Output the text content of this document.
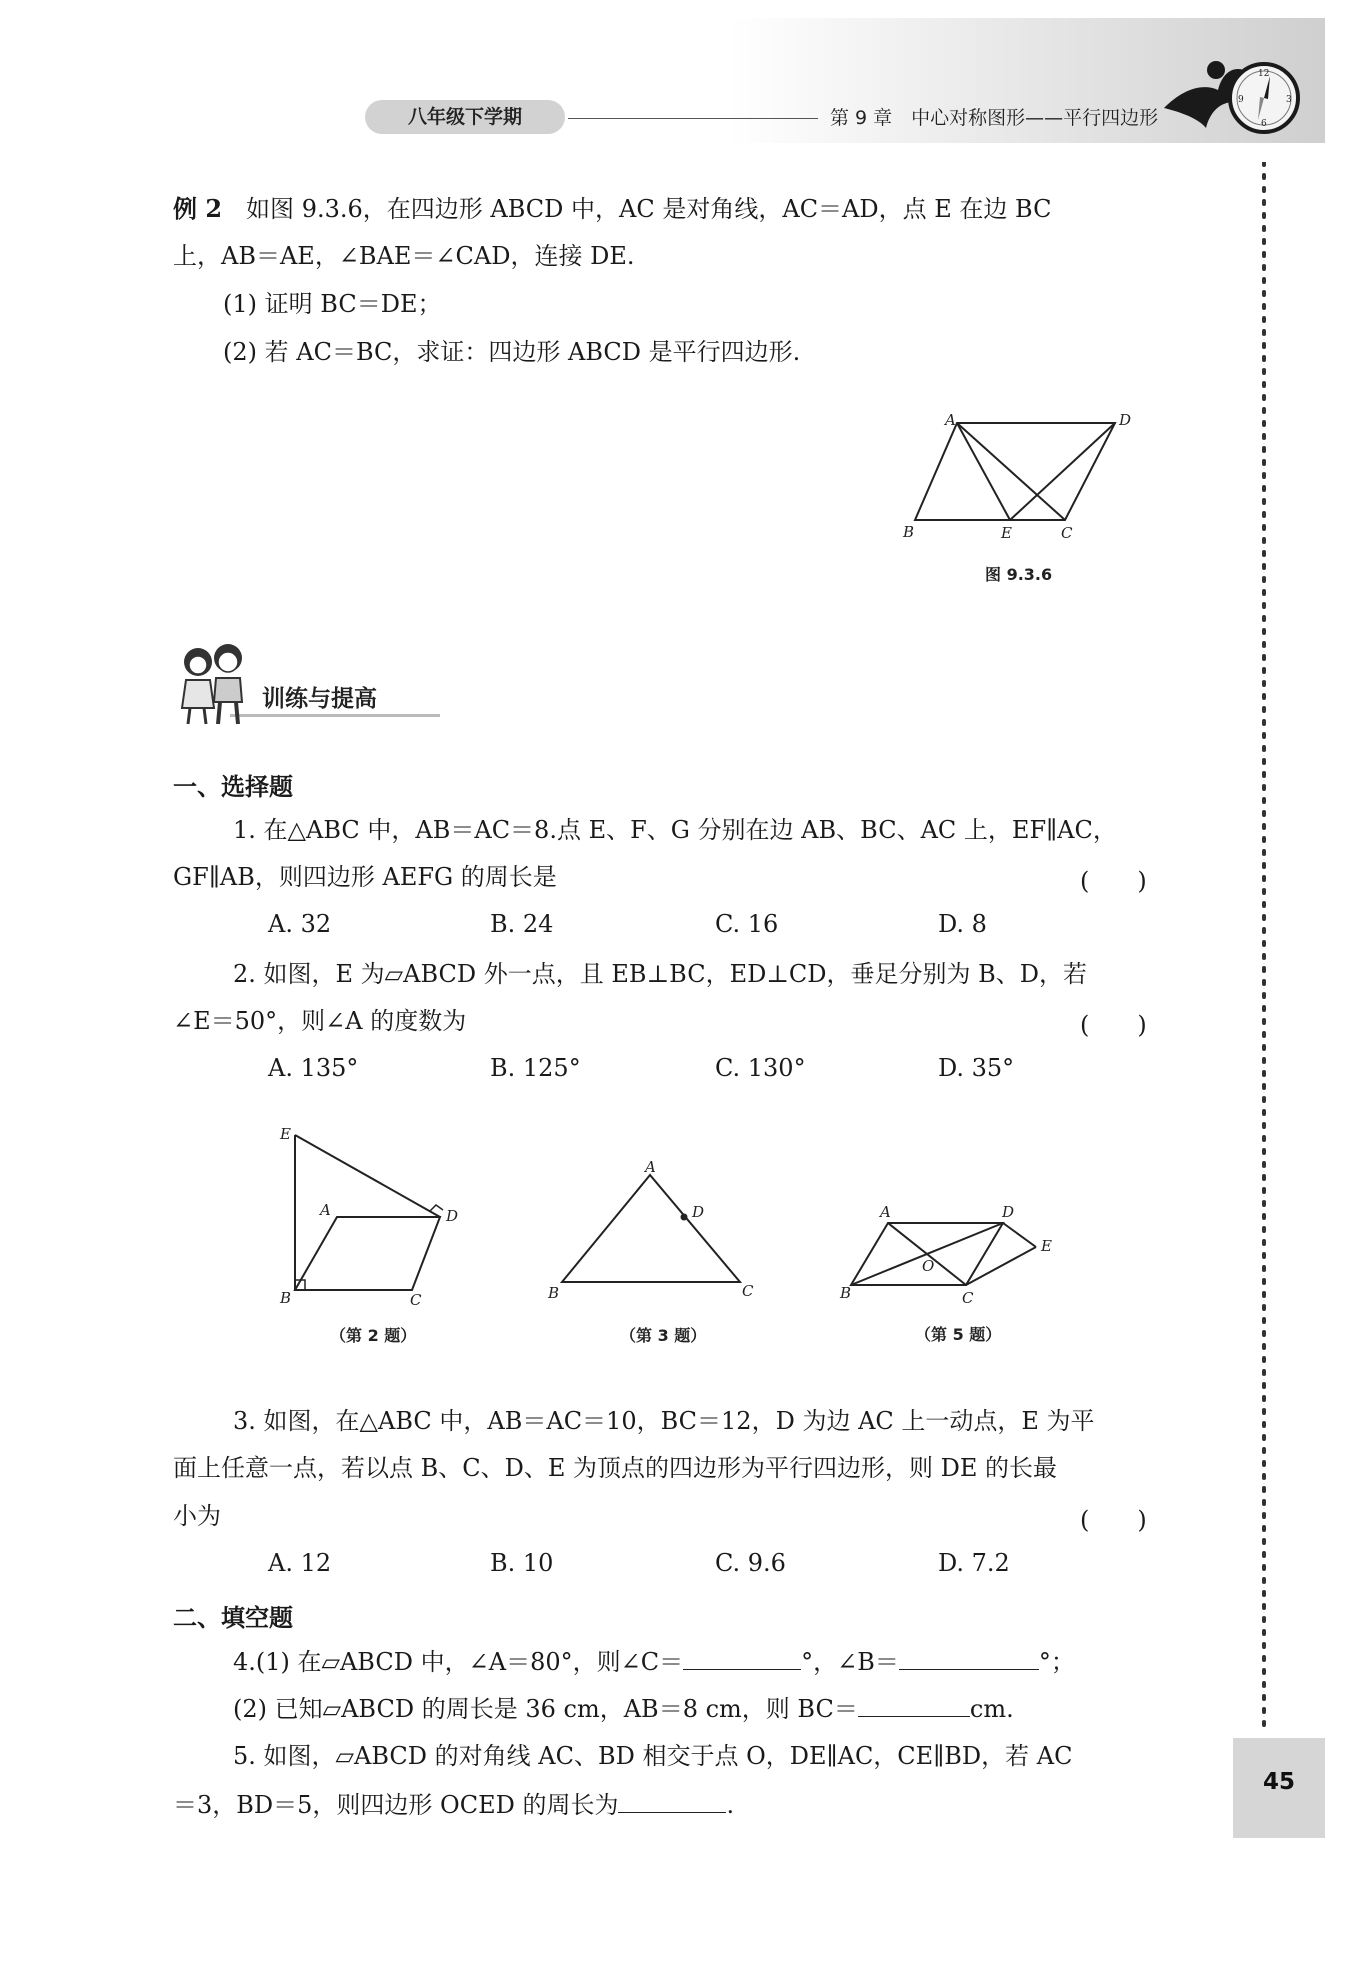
八年级下学期	第 9 章　中心对称图形——平行四边形
12
3
6
9
例 2　如图 9.3.6，在四边形 ABCD 中，AC 是对角线，AC＝AD，点 E 在边 BC
上，AB＝AE，∠BAE＝∠CAD，连接 DE.
(1) 证明 BC＝DE；
(2) 若 AC＝BC，求证：四边形 ABCD 是平行四边形.
A	D
B	E	C
图 9.3.6
训练与提高
一、选择题
1. 在△ABC 中，AB＝AC＝8.点 E、F、G 分别在边 AB、BC、AC 上，EF∥AC，
GF∥AB，则四边形 AEFG 的周长是	(　　)
A. 32	B. 24	C. 16	D. 8
2. 如图，E 为▱ABCD 外一点，且 EB⊥BC，ED⊥CD，垂足分别为 B、D，若
∠E＝50°，则∠A 的度数为	(　　)
A. 135°	B. 125°	C. 130°	D. 35°
E
A	D
B	C
（第 2 题）
A
D
B	C
（第 3 题）
A	D
E
O
B	C
（第 5 题）
3. 如图，在△ABC 中，AB＝AC＝10，BC＝12，D 为边 AC 上一动点，E 为平
面上任意一点，若以点 B、C、D、E 为顶点的四边形为平行四边形，则 DE 的长最
小为	(　　)
A. 12	B. 10	C. 9.6	D. 7.2
二、填空题
4.(1) 在▱ABCD 中，∠A＝80°，则∠C＝	°，∠B＝	°；
(2) 已知▱ABCD 的周长是 36 cm，AB＝8 cm，则 BC＝	cm.
5. 如图，▱ABCD 的对角线 AC、BD 相交于点 O，DE∥AC，CE∥BD，若 AC
＝3，BD＝5，则四边形 OCED 的周长为	.
45
